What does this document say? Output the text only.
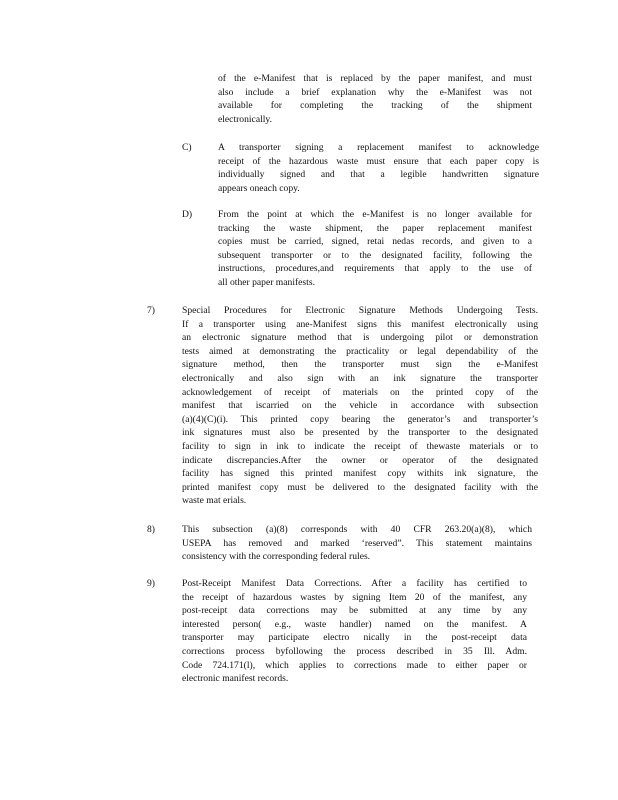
of the e-Manifest that is replaced by the paper manifest, and must

also include a brief explanation why the e-Manifest was not

available for completing the tracking of the shipment

electronically.

C)	A transporter signing a replacement manifest to acknowledge

receipt of the hazardous waste must ensure that each paper copy is

individually signed and that a legible handwritten signature

appears oneach copy.

D)	From the point at which the e-Manifest is no longer available for

tracking the waste shipment, the paper replacement manifest

copies must be carried, signed, retai nedas records, and given to a

subsequent transporter or to the designated facility, following the

instructions, procedures,and requirements that apply to the use of

all other paper manifests.

7)	Special Procedures for Electronic Signature Methods Undergoing Tests.

If a transporter using ane-Manifest signs this manifest electronically using

an electronic signature method that is undergoing pilot or demonstration

tests aimed at demonstrating the practicality or legal dependability of the

signature method, then the transporter must sign the e-Manifest

electronically and also sign with an ink signature the transporter

acknowledgement of receipt of materials on the printed copy of the

manifest that iscarried on the vehicle in accordance with subsection

(a)(4)(C)(i). This printed copy bearing the generator’s and transporter’s

ink signatures must also be presented by the transporter to the designated

facility to sign in ink to indicate the receipt of thewaste materials or to

indicate discrepancies.After the owner or operator of the designated

facility has signed this printed manifest copy withits ink signature, the

printed manifest copy must be delivered to the designated facility with the

waste mat erials.

8)	This subsection (a)(8) corresponds with 40 CFR 263.20(a)(8), which

USEPA has removed and marked ‘reserved”. This statement maintains

consistency with the corresponding federal rules.

9)	Post-Receipt Manifest Data Corrections. After a facility has certified to

the receipt of hazardous wastes by signing Item 20 of the manifest, any

post-receipt data corrections may be submitted at any time by any

interested person( e.g., waste handler) named on the manifest. A

transporter may participate electro nically in the post-receipt data

corrections process byfollowing the process described in 35 Ill. Adm.

Code 724.171(l), which applies to corrections made to either paper or

electronic manifest records.
